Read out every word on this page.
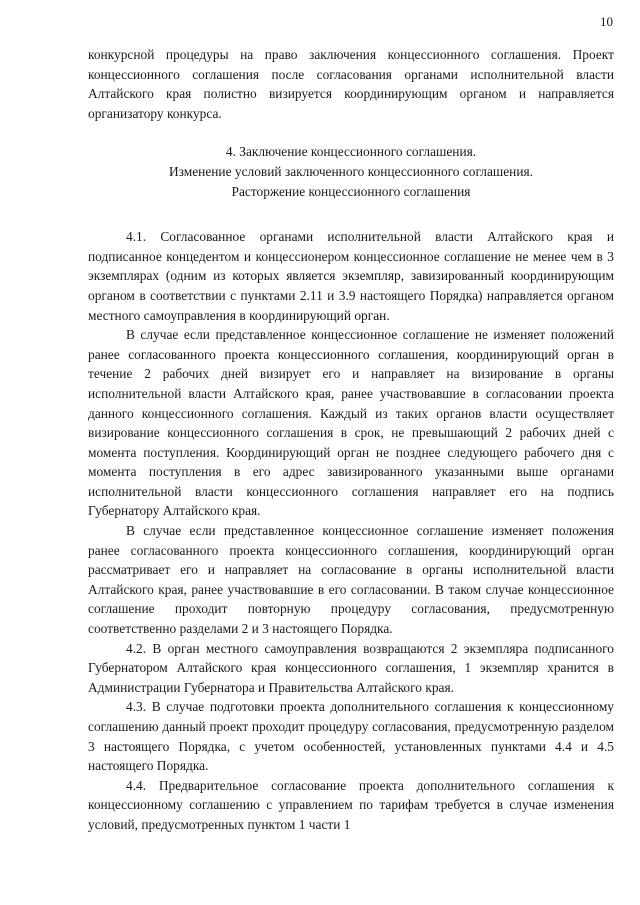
10

конкурсной процедуры на право заключения концессионного соглашения. Проект концессионного соглашения после согласования органами исполнительной власти Алтайского края полистно визируется координирующим органом и направляется организатору конкурса.

4. Заключение концессионного соглашения.
Изменение условий заключенного концессионного соглашения.
Расторжение концессионного соглашения

4.1. Согласованное органами исполнительной власти Алтайского края и подписанное концедентом и концессионером концессионное соглашение не менее чем в 3 экземплярах (одним из которых является экземпляр, завизированный координирующим органом в соответствии с пунктами 2.11 и 3.9 настоящего Порядка) направляется органом местного самоуправления в координирующий орган.

В случае если представленное концессионное соглашение не изменяет положений ранее согласованного проекта концессионного соглашения, координирующий орган в течение 2 рабочих дней визирует его и направляет на визирование в органы исполнительной власти Алтайского края, ранее участвовавшие в согласовании проекта данного концессионного соглашения. Каждый из таких органов власти осуществляет визирование концессионного соглашения в срок, не превышающий 2 рабочих дней с момента поступления. Координирующий орган не позднее следующего рабочего дня с момента поступления в его адрес завизированного указанными выше органами исполнительной власти концессионного соглашения направляет его на подпись Губернатору Алтайского края.

В случае если представленное концессионное соглашение изменяет положения ранее согласованного проекта концессионного соглашения, координирующий орган рассматривает его и направляет на согласование в органы исполнительной власти Алтайского края, ранее участвовавшие в его согласовании. В таком случае концессионное соглашение проходит повторную процедуру согласования, предусмотренную соответственно разделами 2 и 3 настоящего Порядка.

4.2. В орган местного самоуправления возвращаются 2 экземпляра подписанного Губернатором Алтайского края концессионного соглашения, 1 экземпляр хранится в Администрации Губернатора и Правительства Алтайского края.

4.3. В случае подготовки проекта дополнительного соглашения к концессионному соглашению данный проект проходит процедуру согласования, предусмотренную разделом 3 настоящего Порядка, с учетом особенностей, установленных пунктами 4.4 и 4.5 настоящего Порядка.

4.4. Предварительное согласование проекта дополнительного соглашения к концессионному соглашению с управлением по тарифам требуется в случае изменения условий, предусмотренных пунктом 1 части 1
